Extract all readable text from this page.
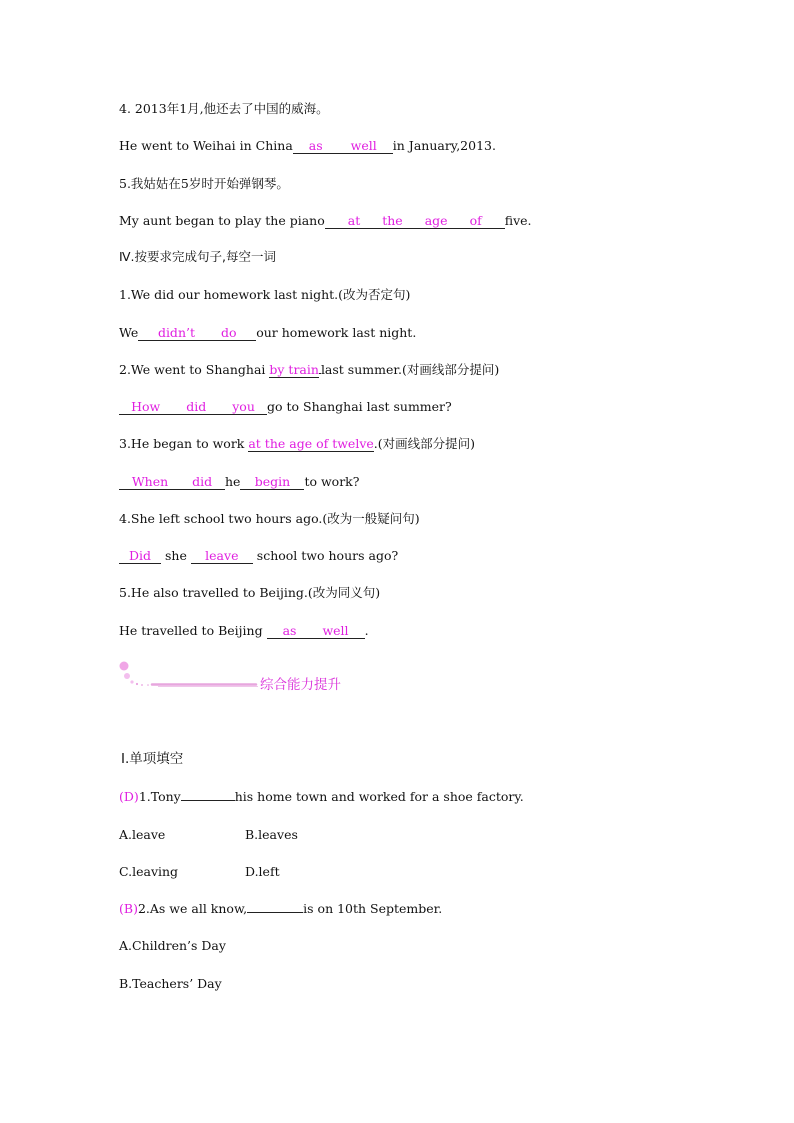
4. 2013年1月,他还去了中国的威海。
He went to Weihai in China as well in January,2013.
5.我姑姑在5岁时开始弹钢琴。
My aunt began to play the piano at the age of five.
Ⅳ.按要求完成句子,每空一词
1.We did our homework last night.(改为否定句)
We didn’t do our homework last night.
2.We went to Shanghai by train last summer.(对画线部分提问)
How did you go to Shanghai last summer?
3.He began to work at the age of twelve.(对画线部分提问)
When did he begin to work?
4.She left school two hours ago.(改为一般疑问句)
Did she leave school two hours ago?
5.He also travelled to Beijing.(改为同义句)
He travelled to Beijing as well .
综合能力提升
Ⅰ.单项填空
(D)1.Tony	his home town and worked for a shoe factory.
A.leave	B.leaves
C.leaving	D.left
(B)2.As we all know,	is on 10th September.
A.Children’s Day
B.Teachers’ Day
